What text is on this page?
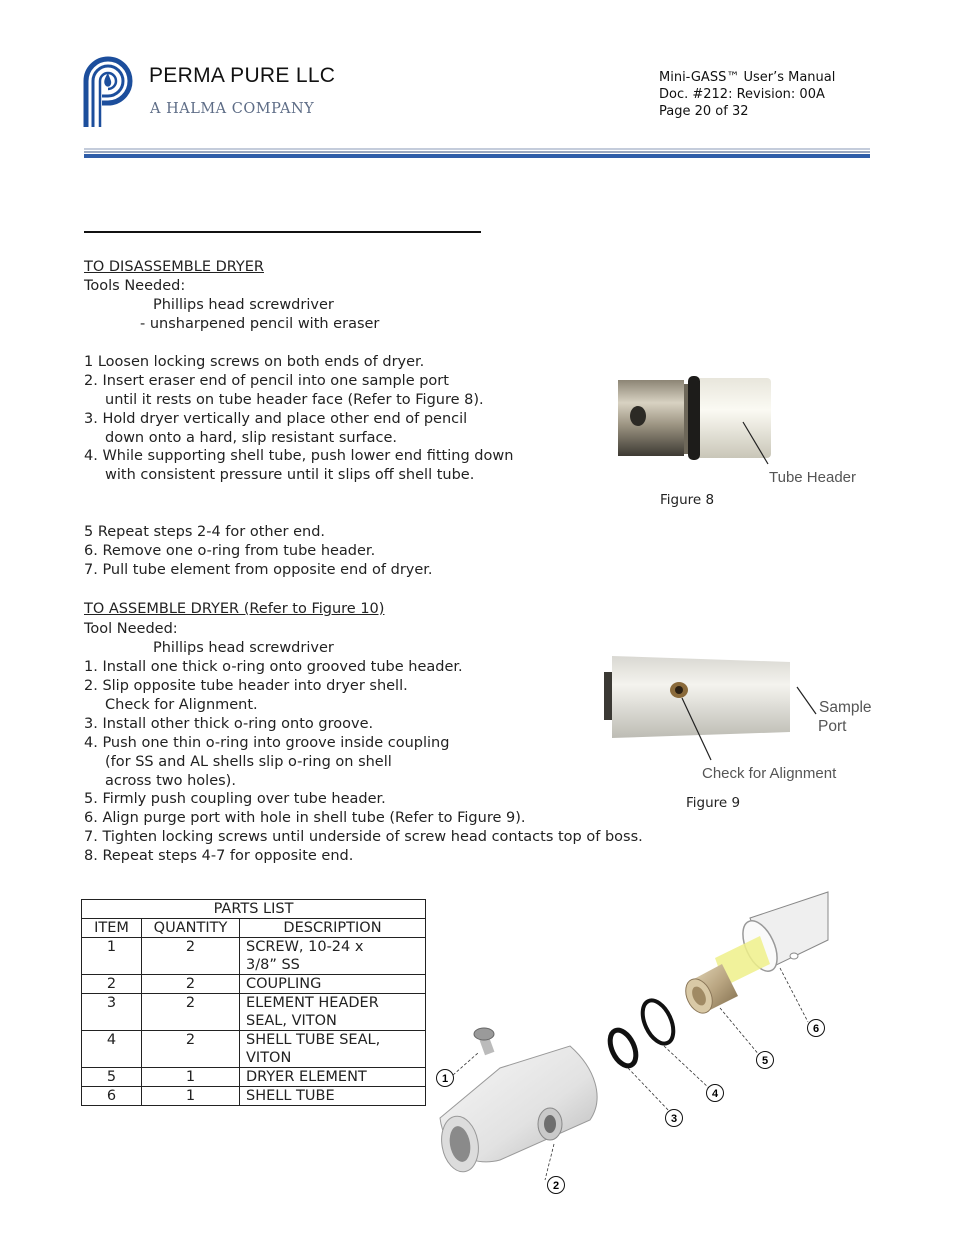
PERMA PURE LLC
A HALMA COMPANY
Mini-GASS™ User’s Manual
Doc. #212: Revision: 00A
Page 20 of 32
TO DISASSEMBLE DRYER
Tools Needed:
Phillips head screwdriver
- unsharpened pencil with eraser
1 Loosen locking screws on both ends of dryer.
2. Insert eraser end of pencil into one sample port
until it rests on tube header face (Refer to Figure 8).
3. Hold dryer vertically and place other end of pencil
down onto a hard, slip resistant surface.
4. While supporting shell tube, push lower end fitting down
with consistent pressure until it slips off shell tube.
5 Repeat steps 2-4 for other end.
6. Remove one o-ring from tube header.
7. Pull tube element from opposite end of dryer.
Tube Header
Figure 8
TO ASSEMBLE DRYER (Refer to Figure 10)
Tool Needed:
Phillips head screwdriver
1. Install one thick o-ring onto grooved tube header.
2. Slip opposite tube header into dryer shell.
Check for Alignment.
3. Install other thick o-ring onto groove.
4. Push one thin o-ring into groove inside coupling
(for SS and AL shells slip o-ring on shell
across two holes).
5. Firmly push coupling over tube header.
6. Align purge port with hole in shell tube (Refer to Figure 9).
7. Tighten locking screws until underside of screw head contacts top of boss.
8. Repeat steps 4-7 for opposite end.
Sample
Port
Check for Alignment
Figure 9
PARTS LIST		
ITEM	QUANTITY	DESCRIPTION
1	2	SCREW, 10-24 x
3/8” SS

2	2	COUPLING

3	2	ELEMENT HEADER
SEAL, VITON

4	2	SHELL TUBE SEAL,
VITON

5	1	DRYER ELEMENT

6	1	SHELL TUBE
1
2
3
4
5
6
